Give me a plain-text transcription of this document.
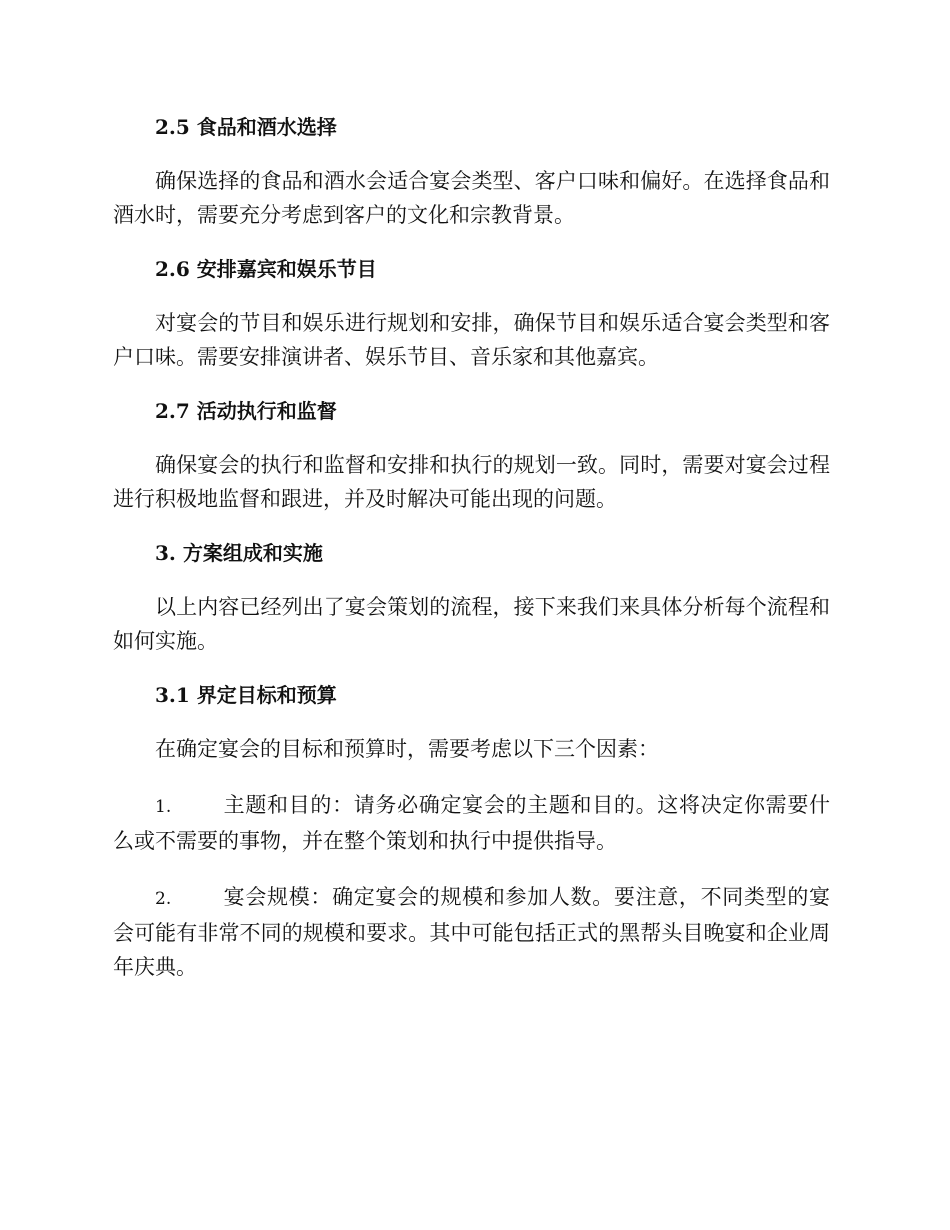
2.5 食品和酒水选择

确保选择的食品和酒水会适合宴会类型、客户口味和偏好。在选择食品和酒水时，需要充分考虑到客户的文化和宗教背景。

2.6 安排嘉宾和娱乐节目

对宴会的节目和娱乐进行规划和安排，确保节目和娱乐适合宴会类型和客户口味。需要安排演讲者、娱乐节目、音乐家和其他嘉宾。

2.7 活动执行和监督

确保宴会的执行和监督和安排和执行的规划一致。同时，需要对宴会过程进行积极地监督和跟进，并及时解决可能出现的问题。

3. 方案组成和实施

以上内容已经列出了宴会策划的流程，接下来我们来具体分析每个流程和如何实施。

3.1 界定目标和预算

在确定宴会的目标和预算时，需要考虑以下三个因素：

1. 主题和目的：请务必确定宴会的主题和目的。这将决定你需要什么或不需要的事物，并在整个策划和执行中提供指导。

2. 宴会规模：确定宴会的规模和参加人数。要注意，不同类型的宴会可能有非常不同的规模和要求。其中可能包括正式的黑帮头目晚宴和企业周年庆典。
